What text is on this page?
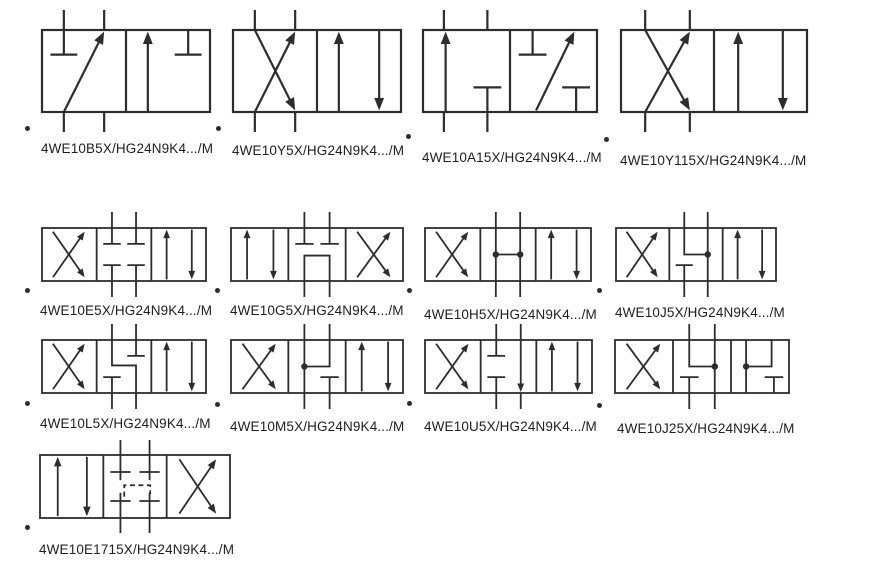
4WE10B5X/HG24N9K4.../M 4WE10Y5X/HG24N9K4.../M 4WE10A15X/HG24N9K4.../M 4WE10Y115X/HG24N9K4.../M
4WE10E5X/HG24N9K4.../M 4WE10G5X/HG24N9K4.../M 4WE10H5X/HG24N9K4.../M 4WE10J5X/HG24N9K4.../M
4WE10L5X/HG24N9K4.../M 4WE10M5X/HG24N9K4.../M 4WE10U5X/HG24N9K4.../M 4WE10J25X/HG24N9K4.../M
4WE10E1715X/HG24N9K4.../M
